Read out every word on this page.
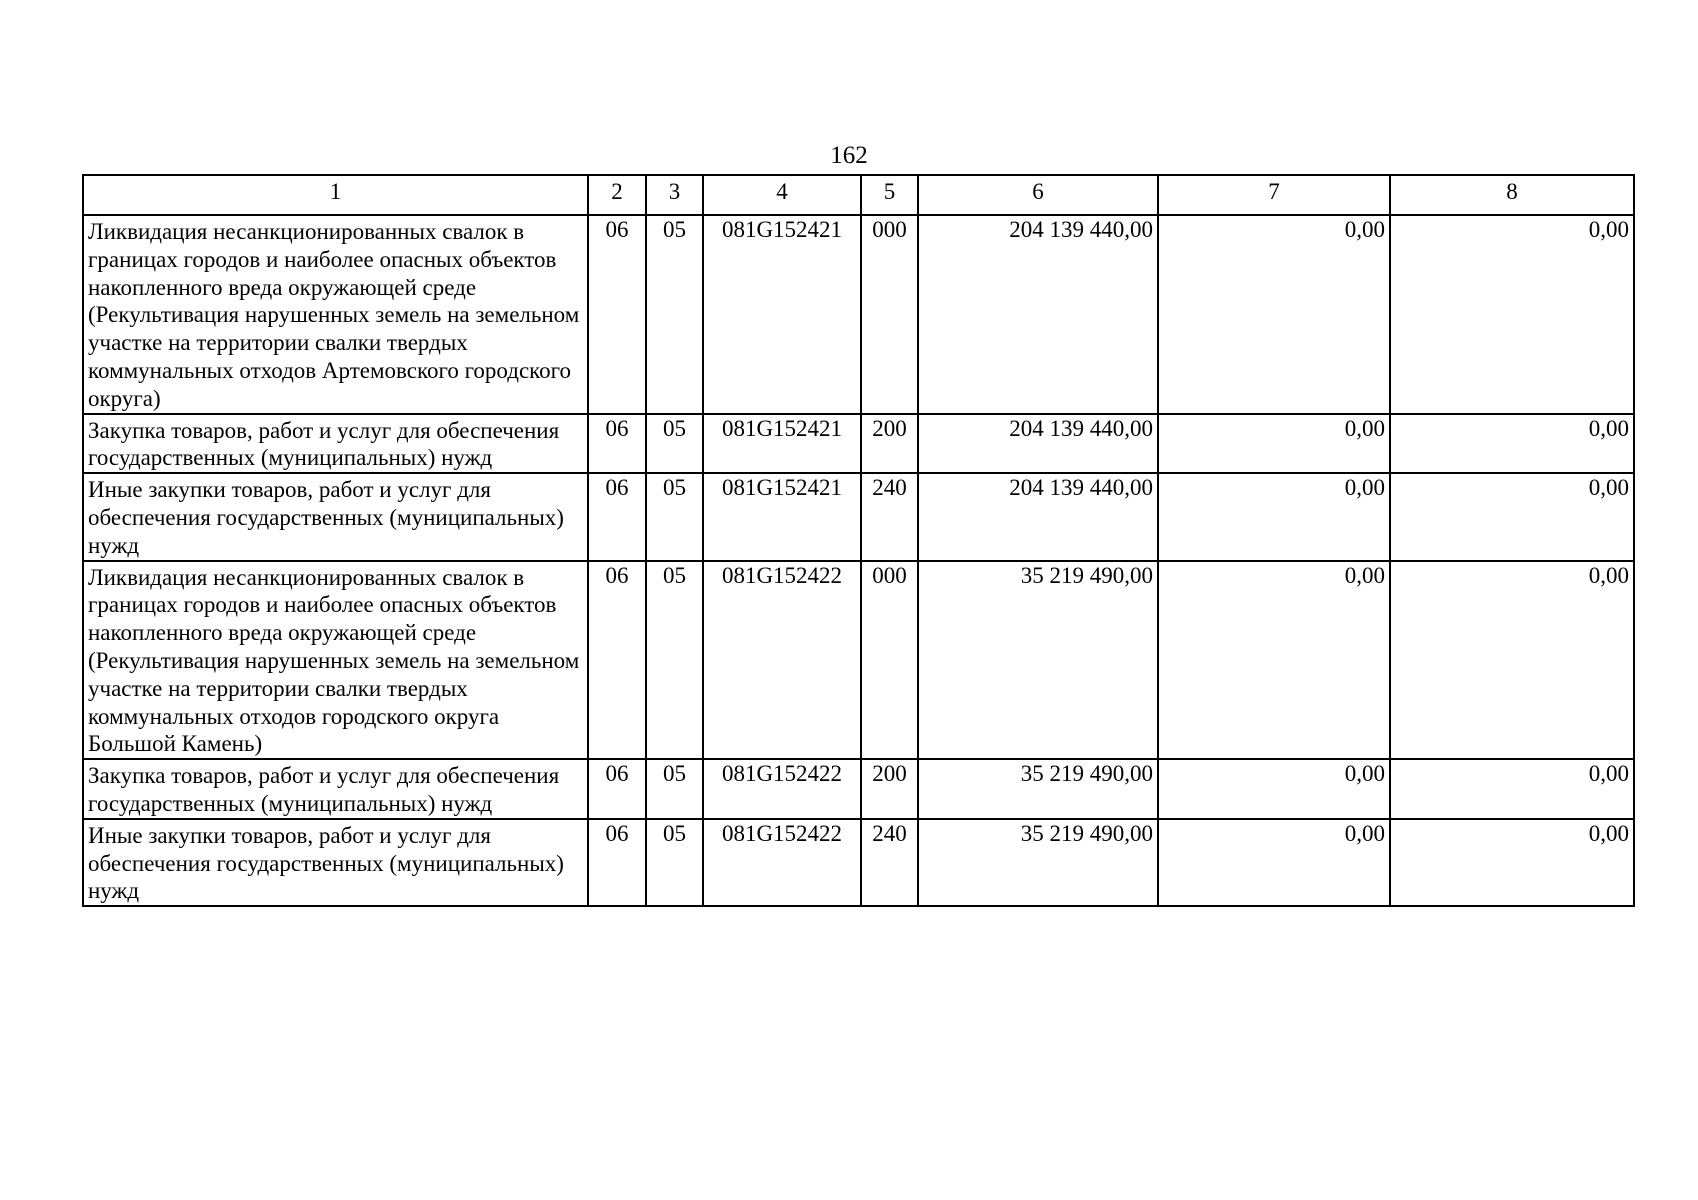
162
1	2	3	4	5	6	7	8

Ликвидация несанкционированных свалок в границах городов и наиболее опасных объектов накопленного вреда окружающей среде (Рекультивация нарушенных земель на земельном участке на территории свалки твердых коммунальных отходов Артемовского городского округа)	06	05	081G152421	000	204 139 440,00	0,00	0,00

Закупка товаров, работ и услуг для обеспечения государственных (муниципальных) нужд	06	05	081G152421	200	204 139 440,00	0,00	0,00

Иные закупки товаров, работ и услуг для обеспечения государственных (муниципальных) нужд	06	05	081G152421	240	204 139 440,00	0,00	0,00

Ликвидация несанкционированных свалок в границах городов и наиболее опасных объектов накопленного вреда окружающей среде (Рекультивация нарушенных земель на земельном участке на территории свалки твердых коммунальных отходов городского округа Большой Камень)	06	05	081G152422	000	35 219 490,00	0,00	0,00

Закупка товаров, работ и услуг для обеспечения государственных (муниципальных) нужд	06	05	081G152422	200	35 219 490,00	0,00	0,00

Иные закупки товаров, работ и услуг для обеспечения государственных (муниципальных) нужд	06	05	081G152422	240	35 219 490,00	0,00	0,00
